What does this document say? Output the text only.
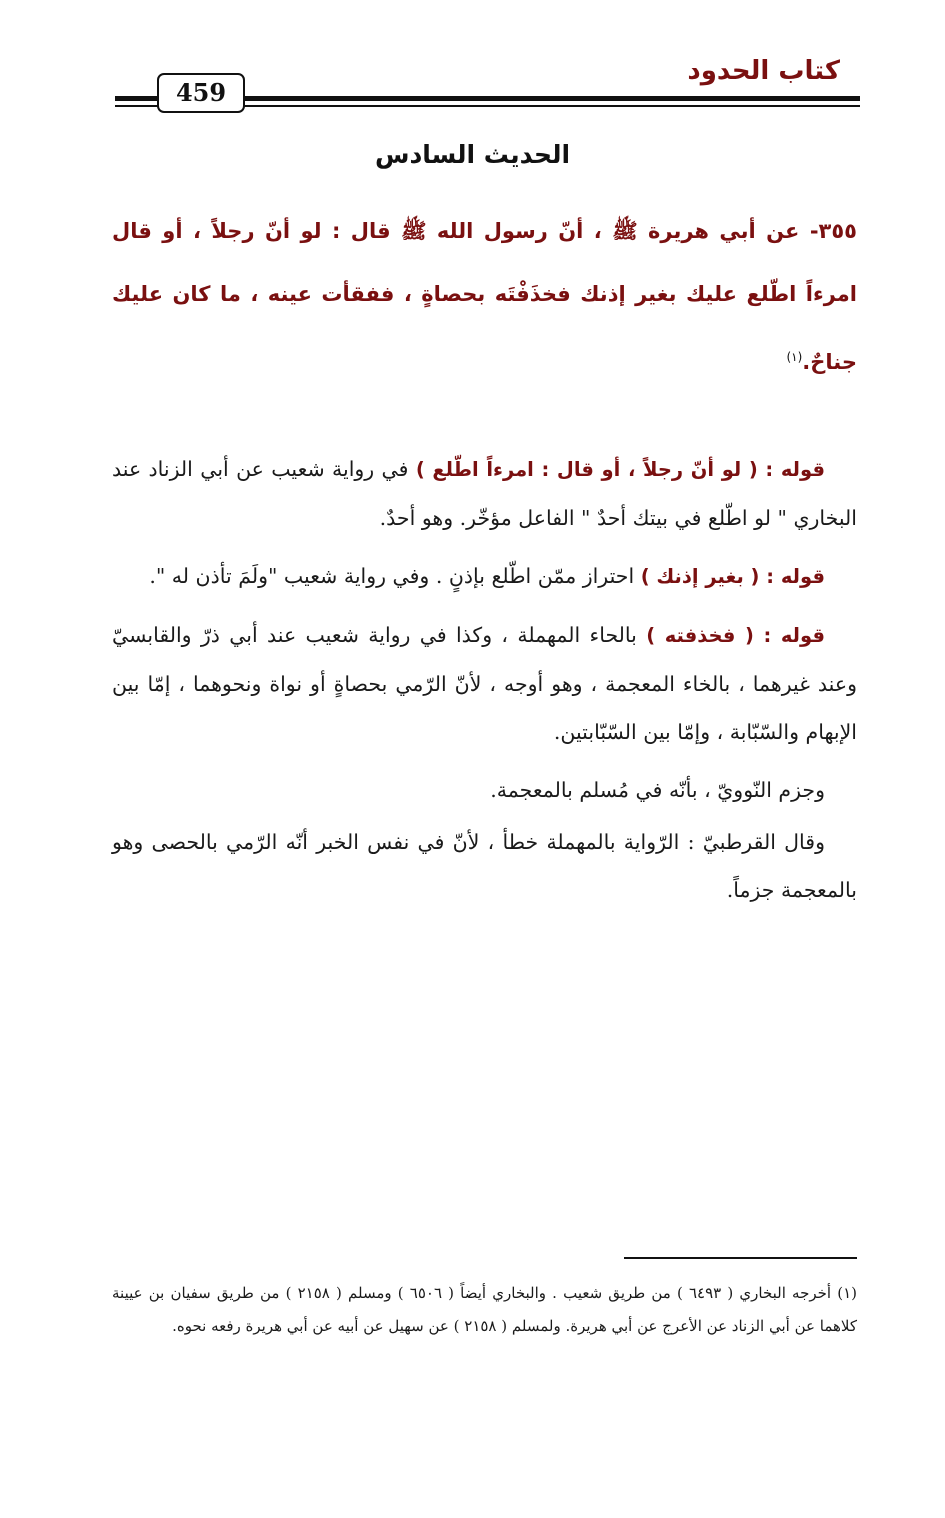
كتاب الحدود
459
الحديث السادس
٣٥٥- عن أبي هريرة ﷺ ، أنّ رسول الله ﷺ قال : لو أنّ رجلاً ، أو قال امرءاً اطّلع عليك بغير إذنك فخذَفْتَه بحصاةٍ ، ففقأت عينه ، ما كان عليك جناحٌ.$^{(١)}$

قوله : ( لو أنّ رجلاً ، أو قال : امرءاً اطّلع ) في رواية شعيب عن أبي الزناد عند البخاري " لو اطّلع في بيتك أحدٌ " الفاعل مؤخّر. وهو أحدٌ.

قوله : ( بغير إذنك ) احتراز ممّن اطّلع بإذنٍ . وفي رواية شعيب "ولَمَ تأذن له ".

قوله : ( فخذفته ) بالحاء المهملة ، وكذا في رواية شعيب عند أبي ذرّ والقابسيّ وعند غيرهما ، بالخاء المعجمة ، وهو أوجه ، لأنّ الرّمي بحصاةٍ أو نواة ونحوهما ، إمّا بين الإبهام والسّبّابة ، وإمّا بين السّبّابتين.

وجزم النّوويّ ، بأنّه في مُسلم بالمعجمة.

وقال القرطبيّ : الرّواية بالمهملة خطأ ، لأنّ في نفس الخبر أنّه الرّمي بالحصى وهو بالمعجمة جزماً.

(١) أخرجه البخاري ( ٦٤٩٣ ) من طريق شعيب . والبخاري أيضاً ( ٦٥٠٦ ) ومسلم ( ٢١٥٨ ) من طريق سفيان بن عيينة كلاهما عن أبي الزناد عن الأعرج عن أبي هريرة. ولمسلم ( ٢١٥٨ ) عن سهيل عن أبيه عن أبي هريرة رفعه نحوه.
